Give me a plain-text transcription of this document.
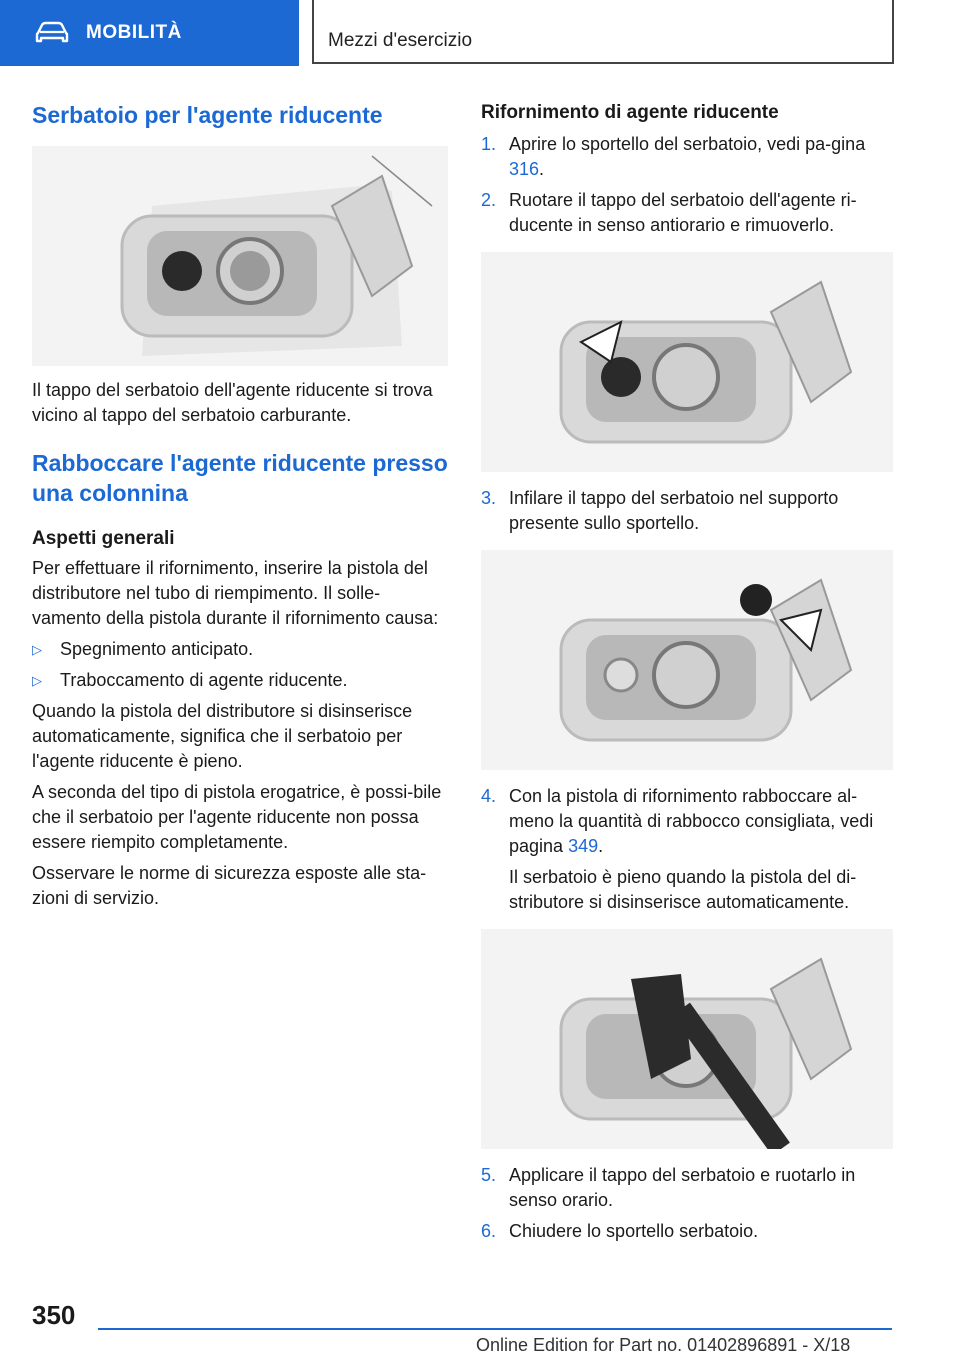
MOBILITÀ	Mezzi d'esercizio
Serbatoio per l'agente riducente

Il tappo del serbatoio dell'agente riducente si trova vicino al tappo del serbatoio carburante.

Rabboccare l'agente riducente presso una colonnina
Aspetti generali

Per effettuare il rifornimento, inserire la pistola del distributore nel tubo di riempimento. Il solle-vamento della pistola durante il rifornimento causa:

▷	Spegnimento anticipato.
▷	Traboccamento di agente riducente.

Quando la pistola del distributore si disinserisce automaticamente, significa che il serbatoio per l'agente riducente è pieno.

A seconda del tipo di pistola erogatrice, è possi-bile che il serbatoio per l'agente riducente non possa essere riempito completamente.

Osservare le norme di sicurezza esposte alle sta-zioni di servizio.

Rifornimento di agente riducente
1. Aprire lo sportello del serbatoio, vedi pa-gina 316.
2. Ruotare il tappo del serbatoio dell'agente ri-ducente in senso antiorario e rimuoverlo.
3. Infilare il tappo del serbatoio nel supporto presente sullo sportello.
4. Con la pistola di rifornimento rabboccare al-meno la quantità di rabbocco consigliata, vedi pagina 349.

Il serbatoio è pieno quando la pistola del di-stributore si disinserisce automaticamente.

5. Applicare il tappo del serbatoio e ruotarlo in senso orario.
6. Chiudere lo sportello serbatoio.
350
Online Edition for Part no. 01402896891 - X/18
